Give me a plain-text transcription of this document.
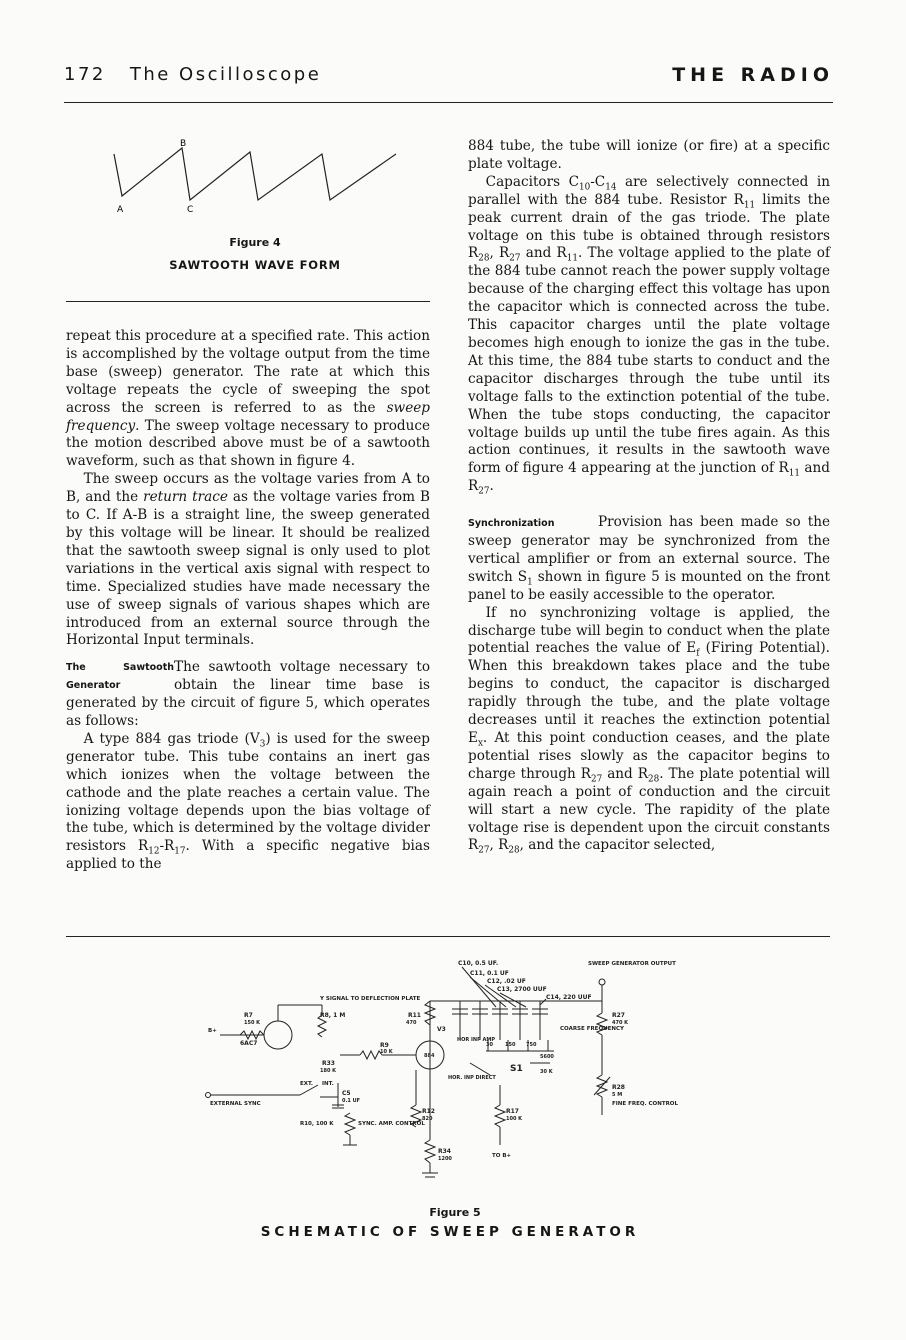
172 The Oscilloscope	THE RADIO
A
B
C
Figure 4
SAWTOOTH WAVE FORM

repeat this procedure at a specified rate. This action is accomplished by the voltage output from the time base (sweep) generator. The rate at which this voltage repeats the cycle of sweeping the spot across the screen is referred to as the sweep frequency. The sweep voltage necessary to produce the motion described above must be of a sawtooth waveform, such as that shown in figure 4.

The sweep occurs as the voltage varies from A to B, and the return trace as the voltage varies from B to C. If A-B is a straight line, the sweep generated by this voltage will be linear. It should be realized that the sawtooth sweep signal is only used to plot variations in the vertical axis signal with respect to time. Specialized studies have made necessary the use of sweep signals of various shapes which are introduced from an external source through the Horizontal Input terminals.

The Sawtooth Generator

The sawtooth voltage necessary to obtain the linear time base is generated by the circuit of figure 5, which operates as follows:

A type 884 gas triode $(V_3)$ is used for the sweep generator tube. This tube contains an inert gas which ionizes when the voltage between the cathode and the plate reaches a certain value. The ionizing voltage depends upon the bias voltage of the tube, which is determined by the voltage divider resistors $R_{12}-R_{17}$. With a specific negative bias applied to the

884 tube, the tube will ionize (or fire) at a specific plate voltage.

Capacitors $C_{10}-C_{14}$ are selectively connected in parallel with the 884 tube. Resistor $R_{11}$ limits the peak current drain of the gas triode. The plate voltage on this tube is obtained through resistors $R_{28}$, $R_{27}$ and $R_{11}$. The voltage applied to the plate of the 884 tube cannot reach the power supply voltage because of the charging effect this voltage has upon the capacitor which is connected across the tube. This capacitor charges until the plate voltage becomes high enough to ionize the gas in the tube. At this time, the 884 tube starts to conduct and the capacitor discharges through the tube until its voltage falls to the extinction potential of the tube. When the tube stops conducting, the capacitor voltage builds up until the tube fires again. As this action continues, it results in the sawtooth wave form of figure 4 appearing at the junction of $R_{11}$ and $R_{27}$.

Synchronization	Provision has been made so the sweep generator may be synchronized from the vertical amplifier or from an external source. The switch $S_1$ shown in figure 5 is mounted on the front panel to be easily accessible to the operator.

If no synchronizing voltage is applied, the discharge tube will begin to conduct when the plate potential reaches the value of $E_f$ (Firing Potential). When this breakdown takes place and the tube begins to conduct, the capacitor is discharged rapidly through the tube, and the plate voltage decreases until it reaches the extinction potential $E_x$. At this point conduction ceases, and the plate potential rises slowly as the capacitor begins to charge through $R_{27}$ and $R_{28}$. The plate potential will again reach a point of conduction and the circuit will start a new cycle. The rapidity of the plate voltage rise is dependent upon the circuit constants $R_{27}$, $R_{28}$, and the capacitor selected,

C10, 0.5 UF.
C11, 0.1 UF
C12, .02 UF
C13, 2700 UUF
C14, 220 UUF
SWEEP GENERATOR OUTPUT
Y SIGNAL TO DEFLECTION PLATE
R7
150 K
B+
R11
470
V3
884
HOR INP AMP
COARSE FREQUENCY
R27
470 K
R8, 1 M
R9
10 K
R33
180 K
6AC7
HOR. INP DIRECT
S1
30 150 750
5600
30 K
EXT. INT.
EXTERNAL SYNC
C5
0.1 UF
R12
820
R17
100 K
R28
5 M
FINE FREQ. CONTROL
R10, 100 K	SYNC. AMP. CONTROL
R34
1200	TO B+
Figure 5
SCHEMATIC OF SWEEP GENERATOR
